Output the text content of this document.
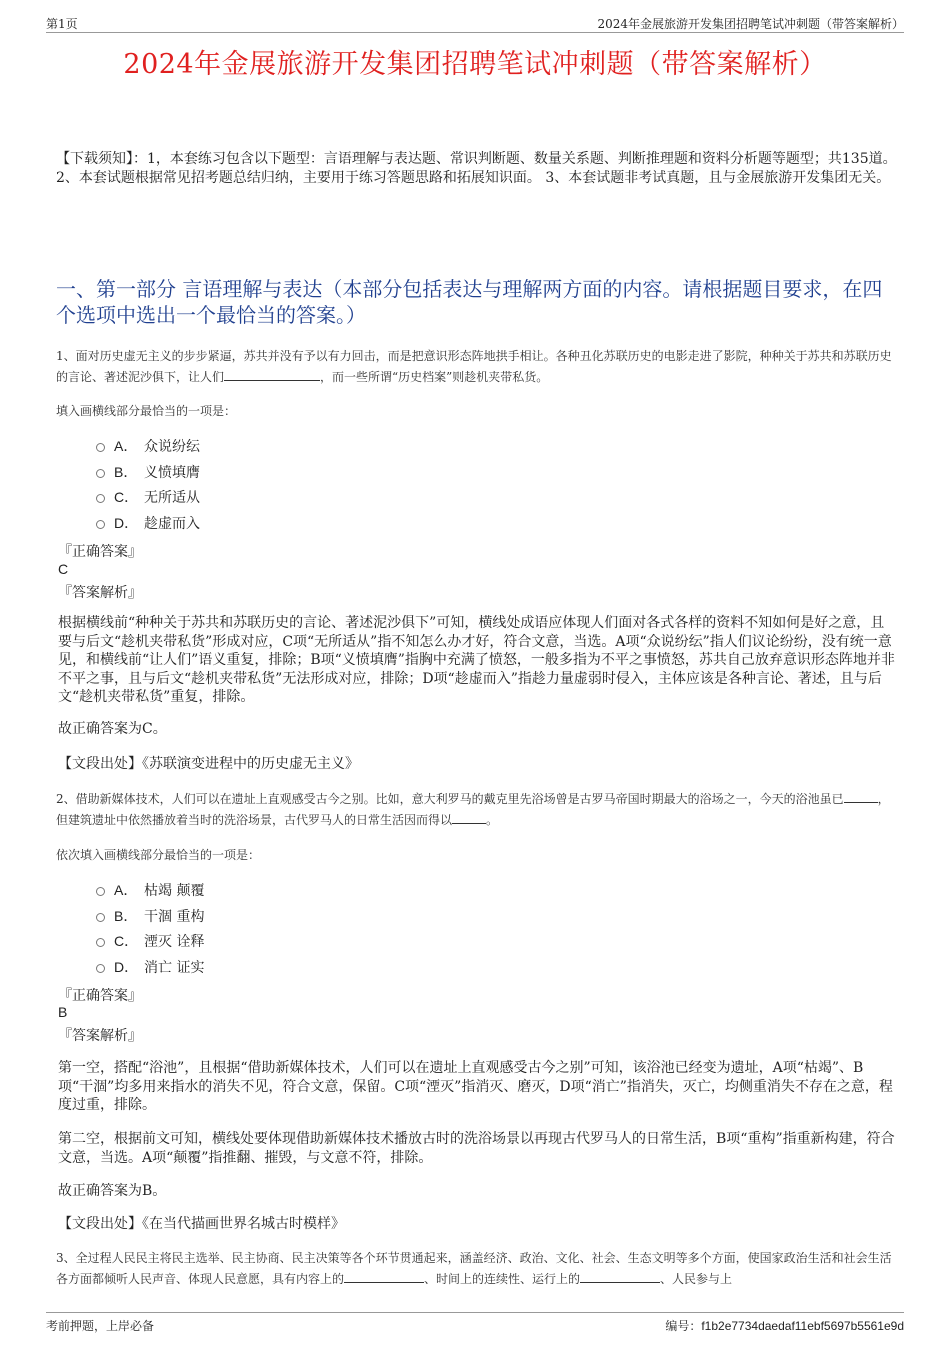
第1页	2024年金展旅游开发集团招聘笔试冲刺题（带答案解析）
2024年金展旅游开发集团招聘笔试冲刺题（带答案解析）
【下载须知】：1，本套练习包含以下题型：言语理解与表达题、常识判断题、数量关系题、判断推理题和资料分析题等题型；共135道。 2、本套试题根据常见招考题总结归纳，主要用于练习答题思路和拓展知识面。 3、本套试题非考试真题，且与金展旅游开发集团无关。
一、第一部分 言语理解与表达（本部分包括表达与理解两方面的内容。请根据题目要求，在四个选项中选出一个最恰当的答案。）
1、面对历史虚无主义的步步紧逼，苏共并没有予以有力回击，而是把意识形态阵地拱手相让。各种丑化苏联历史的电影走进了影院，种种关于苏共和苏联历史的言论、著述泥沙俱下，让人们	，而一些所谓“历史档案”则趁机夹带私货。
填入画横线部分最恰当的一项是：
A． 众说纷纭
B． 义愤填膺
C． 无所适从
D． 趁虚而入
『正确答案』
C
『答案解析』
根据横线前“种种关于苏共和苏联历史的言论、著述泥沙俱下”可知，横线处成语应体现人们面对各式各样的资料不知如何是好之意，且要与后文“趁机夹带私货”形成对应，C项“无所适从”指不知怎么办才好，符合文意，当选。A项“众说纷纭”指人们议论纷纷，没有统一意见，和横线前“让人们”语义重复，排除；B项“义愤填膺”指胸中充满了愤怒，一般多指为不平之事愤怒，苏共自己放弃意识形态阵地并非不平之事，且与后文“趁机夹带私货”无法形成对应，排除；D项“趁虚而入”指趁力量虚弱时侵入，主体应该是各种言论、著述，且与后文“趁机夹带私货”重复，排除。
故正确答案为C。
【文段出处】《苏联演变进程中的历史虚无主义》
2、借助新媒体技术，人们可以在遗址上直观感受古今之别。比如，意大利罗马的戴克里先浴场曾是古罗马帝国时期最大的浴场之一，今天的浴池虽已	，但建筑遗址中依然播放着当时的洗浴场景，古代罗马人的日常生活因而得以	。
依次填入画横线部分最恰当的一项是：
A． 枯竭 颠覆
B． 干涸 重构
C． 湮灭 诠释
D． 消亡 证实
『正确答案』
B
『答案解析』
第一空，搭配“浴池”，且根据“借助新媒体技术，人们可以在遗址上直观感受古今之别”可知，该浴池已经变为遗址，A项“枯竭”、B项“干涸”均多用来指水的消失不见，符合文意，保留。C项“湮灭”指消灭、磨灭，D项“消亡”指消失，灭亡，均侧重消失不存在之意，程度过重，排除。
第二空，根据前文可知，横线处要体现借助新媒体技术播放古时的洗浴场景以再现古代罗马人的日常生活，B项“重构”指重新构建，符合文意，当选。A项“颠覆”指推翻、摧毁，与文意不符，排除。
故正确答案为B。
【文段出处】《在当代描画世界名城古时模样》
3、全过程人民民主将民主选举、民主协商、民主决策等各个环节贯通起来，涵盖经济、政治、文化、社会、生态文明等多个方面，使国家政治生活和社会生活各方面都倾听人民声音、体现人民意愿，具有内容上的	、时间上的连续性、运行上的	、人民参与上
考前押题，上岸必备	编号：f1b2e7734daedaf11ebf5697b5561e9d
